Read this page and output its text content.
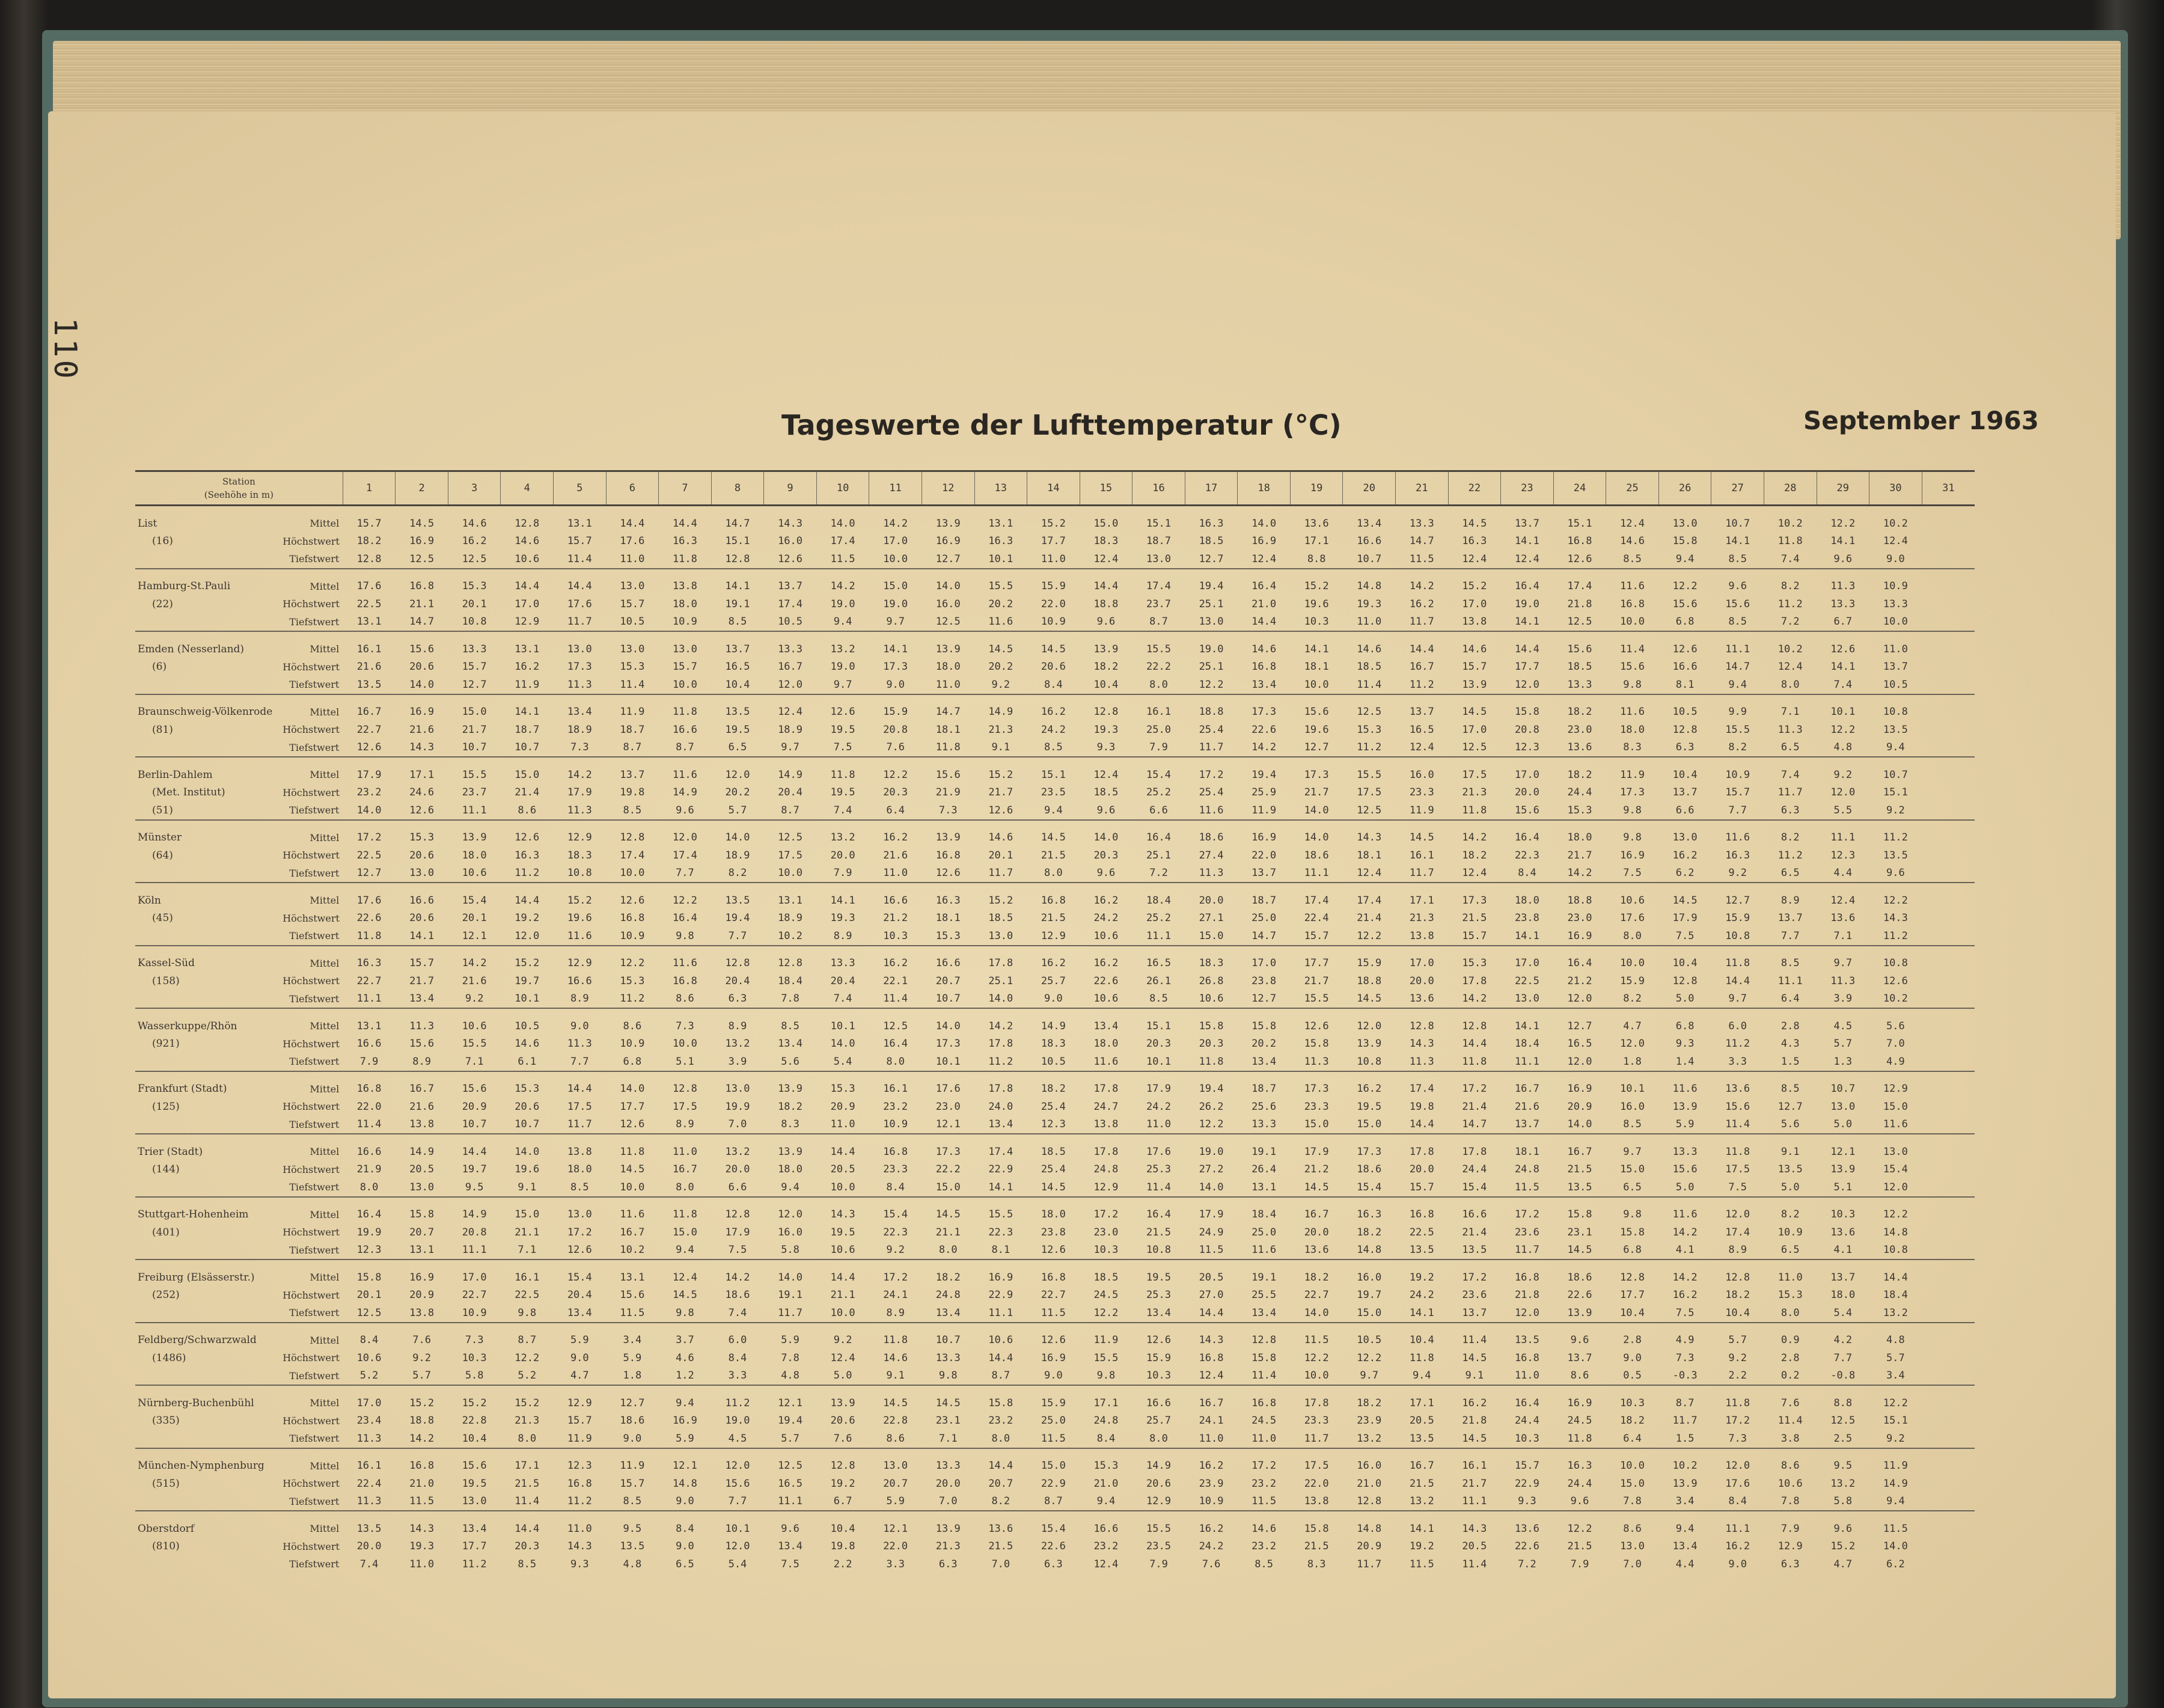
110
Tageswerte der Lufttemperatur (°C)	September 1963
Station
(Seehöhe in m)		1	2	3	4	5	6	7	8	9	10	11	12	13	14	15	16	17	18	19	20	21	22	23	24	25	26	27	28	29	30	31
List	Mittel	15.7	14.5	14.6	12.8	13.1	14.4	14.4	14.7	14.3	14.0	14.2	13.9	13.1	15.2	15.0	15.1	16.3	14.0	13.6	13.4	13.3	14.5	13.7	15.1	12.4	13.0	10.7	10.2	12.2	10.2	
(16)	Höchstwert	18.2	16.9	16.2	14.6	15.7	17.6	16.3	15.1	16.0	17.4	17.0	16.9	16.3	17.7	18.3	18.7	18.5	16.9	17.1	16.6	14.7	16.3	14.1	16.8	14.6	15.8	14.1	11.8	14.1	12.4	
	Tiefstwert	12.8	12.5	12.5	10.6	11.4	11.0	11.8	12.8	12.6	11.5	10.0	12.7	10.1	11.0	12.4	13.0	12.7	12.4	8.8	10.7	11.5	12.4	12.4	12.6	8.5	9.4	8.5	7.4	9.6	9.0	
Hamburg-St.Pauli	Mittel	17.6	16.8	15.3	14.4	14.4	13.0	13.8	14.1	13.7	14.2	15.0	14.0	15.5	15.9	14.4	17.4	19.4	16.4	15.2	14.8	14.2	15.2	16.4	17.4	11.6	12.2	9.6	8.2	11.3	10.9	
(22)	Höchstwert	22.5	21.1	20.1	17.0	17.6	15.7	18.0	19.1	17.4	19.0	19.0	16.0	20.2	22.0	18.8	23.7	25.1	21.0	19.6	19.3	16.2	17.0	19.0	21.8	16.8	15.6	15.6	11.2	13.3	13.3	
	Tiefstwert	13.1	14.7	10.8	12.9	11.7	10.5	10.9	8.5	10.5	9.4	9.7	12.5	11.6	10.9	9.6	8.7	13.0	14.4	10.3	11.0	11.7	13.8	14.1	12.5	10.0	6.8	8.5	7.2	6.7	10.0	
Emden (Nesserland)	Mittel	16.1	15.6	13.3	13.1	13.0	13.0	13.0	13.7	13.3	13.2	14.1	13.9	14.5	14.5	13.9	15.5	19.0	14.6	14.1	14.6	14.4	14.6	14.4	15.6	11.4	12.6	11.1	10.2	12.6	11.0	
(6)	Höchstwert	21.6	20.6	15.7	16.2	17.3	15.3	15.7	16.5	16.7	19.0	17.3	18.0	20.2	20.6	18.2	22.2	25.1	16.8	18.1	18.5	16.7	15.7	17.7	18.5	15.6	16.6	14.7	12.4	14.1	13.7	
	Tiefstwert	13.5	14.0	12.7	11.9	11.3	11.4	10.0	10.4	12.0	9.7	9.0	11.0	9.2	8.4	10.4	8.0	12.2	13.4	10.0	11.4	11.2	13.9	12.0	13.3	9.8	8.1	9.4	8.0	7.4	10.5	
Braunschweig-Völkenrode	Mittel	16.7	16.9	15.0	14.1	13.4	11.9	11.8	13.5	12.4	12.6	15.9	14.7	14.9	16.2	12.8	16.1	18.8	17.3	15.6	12.5	13.7	14.5	15.8	18.2	11.6	10.5	9.9	7.1	10.1	10.8	
(81)	Höchstwert	22.7	21.6	21.7	18.7	18.9	18.7	16.6	19.5	18.9	19.5	20.8	18.1	21.3	24.2	19.3	25.0	25.4	22.6	19.6	15.3	16.5	17.0	20.8	23.0	18.0	12.8	15.5	11.3	12.2	13.5	
	Tiefstwert	12.6	14.3	10.7	10.7	7.3	8.7	8.7	6.5	9.7	7.5	7.6	11.8	9.1	8.5	9.3	7.9	11.7	14.2	12.7	11.2	12.4	12.5	12.3	13.6	8.3	6.3	8.2	6.5	4.8	9.4	
Berlin-Dahlem	Mittel	17.9	17.1	15.5	15.0	14.2	13.7	11.6	12.0	14.9	11.8	12.2	15.6	15.2	15.1	12.4	15.4	17.2	19.4	17.3	15.5	16.0	17.5	17.0	18.2	11.9	10.4	10.9	7.4	9.2	10.7	
(Met. Institut)	Höchstwert	23.2	24.6	23.7	21.4	17.9	19.8	14.9	20.2	20.4	19.5	20.3	21.9	21.7	23.5	18.5	25.2	25.4	25.9	21.7	17.5	23.3	21.3	20.0	24.4	17.3	13.7	15.7	11.7	12.0	15.1	
(51)	Tiefstwert	14.0	12.6	11.1	8.6	11.3	8.5	9.6	5.7	8.7	7.4	6.4	7.3	12.6	9.4	9.6	6.6	11.6	11.9	14.0	12.5	11.9	11.8	15.6	15.3	9.8	6.6	7.7	6.3	5.5	9.2	
Münster	Mittel	17.2	15.3	13.9	12.6	12.9	12.8	12.0	14.0	12.5	13.2	16.2	13.9	14.6	14.5	14.0	16.4	18.6	16.9	14.0	14.3	14.5	14.2	16.4	18.0	9.8	13.0	11.6	8.2	11.1	11.2	
(64)	Höchstwert	22.5	20.6	18.0	16.3	18.3	17.4	17.4	18.9	17.5	20.0	21.6	16.8	20.1	21.5	20.3	25.1	27.4	22.0	18.6	18.1	16.1	18.2	22.3	21.7	16.9	16.2	16.3	11.2	12.3	13.5	
	Tiefstwert	12.7	13.0	10.6	11.2	10.8	10.0	7.7	8.2	10.0	7.9	11.0	12.6	11.7	8.0	9.6	7.2	11.3	13.7	11.1	12.4	11.7	12.4	8.4	14.2	7.5	6.2	9.2	6.5	4.4	9.6	
Köln	Mittel	17.6	16.6	15.4	14.4	15.2	12.6	12.2	13.5	13.1	14.1	16.6	16.3	15.2	16.8	16.2	18.4	20.0	18.7	17.4	17.4	17.1	17.3	18.0	18.8	10.6	14.5	12.7	8.9	12.4	12.2	
(45)	Höchstwert	22.6	20.6	20.1	19.2	19.6	16.8	16.4	19.4	18.9	19.3	21.2	18.1	18.5	21.5	24.2	25.2	27.1	25.0	22.4	21.4	21.3	21.5	23.8	23.0	17.6	17.9	15.9	13.7	13.6	14.3	
	Tiefstwert	11.8	14.1	12.1	12.0	11.6	10.9	9.8	7.7	10.2	8.9	10.3	15.3	13.0	12.9	10.6	11.1	15.0	14.7	15.7	12.2	13.8	15.7	14.1	16.9	8.0	7.5	10.8	7.7	7.1	11.2	
Kassel-Süd	Mittel	16.3	15.7	14.2	15.2	12.9	12.2	11.6	12.8	12.8	13.3	16.2	16.6	17.8	16.2	16.2	16.5	18.3	17.0	17.7	15.9	17.0	15.3	17.0	16.4	10.0	10.4	11.8	8.5	9.7	10.8	
(158)	Höchstwert	22.7	21.7	21.6	19.7	16.6	15.3	16.8	20.4	18.4	20.4	22.1	20.7	25.1	25.7	22.6	26.1	26.8	23.8	21.7	18.8	20.0	17.8	22.5	21.2	15.9	12.8	14.4	11.1	11.3	12.6	
	Tiefstwert	11.1	13.4	9.2	10.1	8.9	11.2	8.6	6.3	7.8	7.4	11.4	10.7	14.0	9.0	10.6	8.5	10.6	12.7	15.5	14.5	13.6	14.2	13.0	12.0	8.2	5.0	9.7	6.4	3.9	10.2	
Wasserkuppe/Rhön	Mittel	13.1	11.3	10.6	10.5	9.0	8.6	7.3	8.9	8.5	10.1	12.5	14.0	14.2	14.9	13.4	15.1	15.8	15.8	12.6	12.0	12.8	12.8	14.1	12.7	4.7	6.8	6.0	2.8	4.5	5.6	
(921)	Höchstwert	16.6	15.6	15.5	14.6	11.3	10.9	10.0	13.2	13.4	14.0	16.4	17.3	17.8	18.3	18.0	20.3	20.3	20.2	15.8	13.9	14.3	14.4	18.4	16.5	12.0	9.3	11.2	4.3	5.7	7.0	
	Tiefstwert	7.9	8.9	7.1	6.1	7.7	6.8	5.1	3.9	5.6	5.4	8.0	10.1	11.2	10.5	11.6	10.1	11.8	13.4	11.3	10.8	11.3	11.8	11.1	12.0	1.8	1.4	3.3	1.5	1.3	4.9	
Frankfurt (Stadt)	Mittel	16.8	16.7	15.6	15.3	14.4	14.0	12.8	13.0	13.9	15.3	16.1	17.6	17.8	18.2	17.8	17.9	19.4	18.7	17.3	16.2	17.4	17.2	16.7	16.9	10.1	11.6	13.6	8.5	10.7	12.9	
(125)	Höchstwert	22.0	21.6	20.9	20.6	17.5	17.7	17.5	19.9	18.2	20.9	23.2	23.0	24.0	25.4	24.7	24.2	26.2	25.6	23.3	19.5	19.8	21.4	21.6	20.9	16.0	13.9	15.6	12.7	13.0	15.0	
	Tiefstwert	11.4	13.8	10.7	10.7	11.7	12.6	8.9	7.0	8.3	11.0	10.9	12.1	13.4	12.3	13.8	11.0	12.2	13.3	15.0	15.0	14.4	14.7	13.7	14.0	8.5	5.9	11.4	5.6	5.0	11.6	
Trier (Stadt)	Mittel	16.6	14.9	14.4	14.0	13.8	11.8	11.0	13.2	13.9	14.4	16.8	17.3	17.4	18.5	17.8	17.6	19.0	19.1	17.9	17.3	17.8	17.8	18.1	16.7	9.7	13.3	11.8	9.1	12.1	13.0	
(144)	Höchstwert	21.9	20.5	19.7	19.6	18.0	14.5	16.7	20.0	18.0	20.5	23.3	22.2	22.9	25.4	24.8	25.3	27.2	26.4	21.2	18.6	20.0	24.4	24.8	21.5	15.0	15.6	17.5	13.5	13.9	15.4	
	Tiefstwert	8.0	13.0	9.5	9.1	8.5	10.0	8.0	6.6	9.4	10.0	8.4	15.0	14.1	14.5	12.9	11.4	14.0	13.1	14.5	15.4	15.7	15.4	11.5	13.5	6.5	5.0	7.5	5.0	5.1	12.0	
Stuttgart-Hohenheim	Mittel	16.4	15.8	14.9	15.0	13.0	11.6	11.8	12.8	12.0	14.3	15.4	14.5	15.5	18.0	17.2	16.4	17.9	18.4	16.7	16.3	16.8	16.6	17.2	15.8	9.8	11.6	12.0	8.2	10.3	12.2	
(401)	Höchstwert	19.9	20.7	20.8	21.1	17.2	16.7	15.0	17.9	16.0	19.5	22.3	21.1	22.3	23.8	23.0	21.5	24.9	25.0	20.0	18.2	22.5	21.4	23.6	23.1	15.8	14.2	17.4	10.9	13.6	14.8	
	Tiefstwert	12.3	13.1	11.1	7.1	12.6	10.2	9.4	7.5	5.8	10.6	9.2	8.0	8.1	12.6	10.3	10.8	11.5	11.6	13.6	14.8	13.5	13.5	11.7	14.5	6.8	4.1	8.9	6.5	4.1	10.8	
Freiburg (Elsässerstr.)	Mittel	15.8	16.9	17.0	16.1	15.4	13.1	12.4	14.2	14.0	14.4	17.2	18.2	16.9	16.8	18.5	19.5	20.5	19.1	18.2	16.0	19.2	17.2	16.8	18.6	12.8	14.2	12.8	11.0	13.7	14.4	
(252)	Höchstwert	20.1	20.9	22.7	22.5	20.4	15.6	14.5	18.6	19.1	21.1	24.1	24.8	22.9	22.7	24.5	25.3	27.0	25.5	22.7	19.7	24.2	23.6	21.8	22.6	17.7	16.2	18.2	15.3	18.0	18.4	
	Tiefstwert	12.5	13.8	10.9	9.8	13.4	11.5	9.8	7.4	11.7	10.0	8.9	13.4	11.1	11.5	12.2	13.4	14.4	13.4	14.0	15.0	14.1	13.7	12.0	13.9	10.4	7.5	10.4	8.0	5.4	13.2	
Feldberg/Schwarzwald	Mittel	8.4	7.6	7.3	8.7	5.9	3.4	3.7	6.0	5.9	9.2	11.8	10.7	10.6	12.6	11.9	12.6	14.3	12.8	11.5	10.5	10.4	11.4	13.5	9.6	2.8	4.9	5.7	0.9	4.2	4.8	
(1486)	Höchstwert	10.6	9.2	10.3	12.2	9.0	5.9	4.6	8.4	7.8	12.4	14.6	13.3	14.4	16.9	15.5	15.9	16.8	15.8	12.2	12.2	11.8	14.5	16.8	13.7	9.0	7.3	9.2	2.8	7.7	5.7	
	Tiefstwert	5.2	5.7	5.8	5.2	4.7	1.8	1.2	3.3	4.8	5.0	9.1	9.8	8.7	9.0	9.8	10.3	12.4	11.4	10.0	9.7	9.4	9.1	11.0	8.6	0.5	-0.3	2.2	0.2	-0.8	3.4	
Nürnberg-Buchenbühl	Mittel	17.0	15.2	15.2	15.2	12.9	12.7	9.4	11.2	12.1	13.9	14.5	14.5	15.8	15.9	17.1	16.6	16.7	16.8	17.8	18.2	17.1	16.2	16.4	16.9	10.3	8.7	11.8	7.6	8.8	12.2	
(335)	Höchstwert	23.4	18.8	22.8	21.3	15.7	18.6	16.9	19.0	19.4	20.6	22.8	23.1	23.2	25.0	24.8	25.7	24.1	24.5	23.3	23.9	20.5	21.8	24.4	24.5	18.2	11.7	17.2	11.4	12.5	15.1	
	Tiefstwert	11.3	14.2	10.4	8.0	11.9	9.0	5.9	4.5	5.7	7.6	8.6	7.1	8.0	11.5	8.4	8.0	11.0	11.0	11.7	13.2	13.5	14.5	10.3	11.8	6.4	1.5	7.3	3.8	2.5	9.2	
München-Nymphenburg	Mittel	16.1	16.8	15.6	17.1	12.3	11.9	12.1	12.0	12.5	12.8	13.0	13.3	14.4	15.0	15.3	14.9	16.2	17.2	17.5	16.0	16.7	16.1	15.7	16.3	10.0	10.2	12.0	8.6	9.5	11.9	
(515)	Höchstwert	22.4	21.0	19.5	21.5	16.8	15.7	14.8	15.6	16.5	19.2	20.7	20.0	20.7	22.9	21.0	20.6	23.9	23.2	22.0	21.0	21.5	21.7	22.9	24.4	15.0	13.9	17.6	10.6	13.2	14.9	
	Tiefstwert	11.3	11.5	13.0	11.4	11.2	8.5	9.0	7.7	11.1	6.7	5.9	7.0	8.2	8.7	9.4	12.9	10.9	11.5	13.8	12.8	13.2	11.1	9.3	9.6	7.8	3.4	8.4	7.8	5.8	9.4	
Oberstdorf	Mittel	13.5	14.3	13.4	14.4	11.0	9.5	8.4	10.1	9.6	10.4	12.1	13.9	13.6	15.4	16.6	15.5	16.2	14.6	15.8	14.8	14.1	14.3	13.6	12.2	8.6	9.4	11.1	7.9	9.6	11.5	
(810)	Höchstwert	20.0	19.3	17.7	20.3	14.3	13.5	9.0	12.0	13.4	19.8	22.0	21.3	21.5	22.6	23.2	23.5	24.2	23.2	21.5	20.9	19.2	20.5	22.6	21.5	13.0	13.4	16.2	12.9	15.2	14.0	
	Tiefstwert	7.4	11.0	11.2	8.5	9.3	4.8	6.5	5.4	7.5	2.2	3.3	6.3	7.0	6.3	12.4	7.9	7.6	8.5	8.3	11.7	11.5	11.4	7.2	7.9	7.0	4.4	9.0	6.3	4.7	6.2	
